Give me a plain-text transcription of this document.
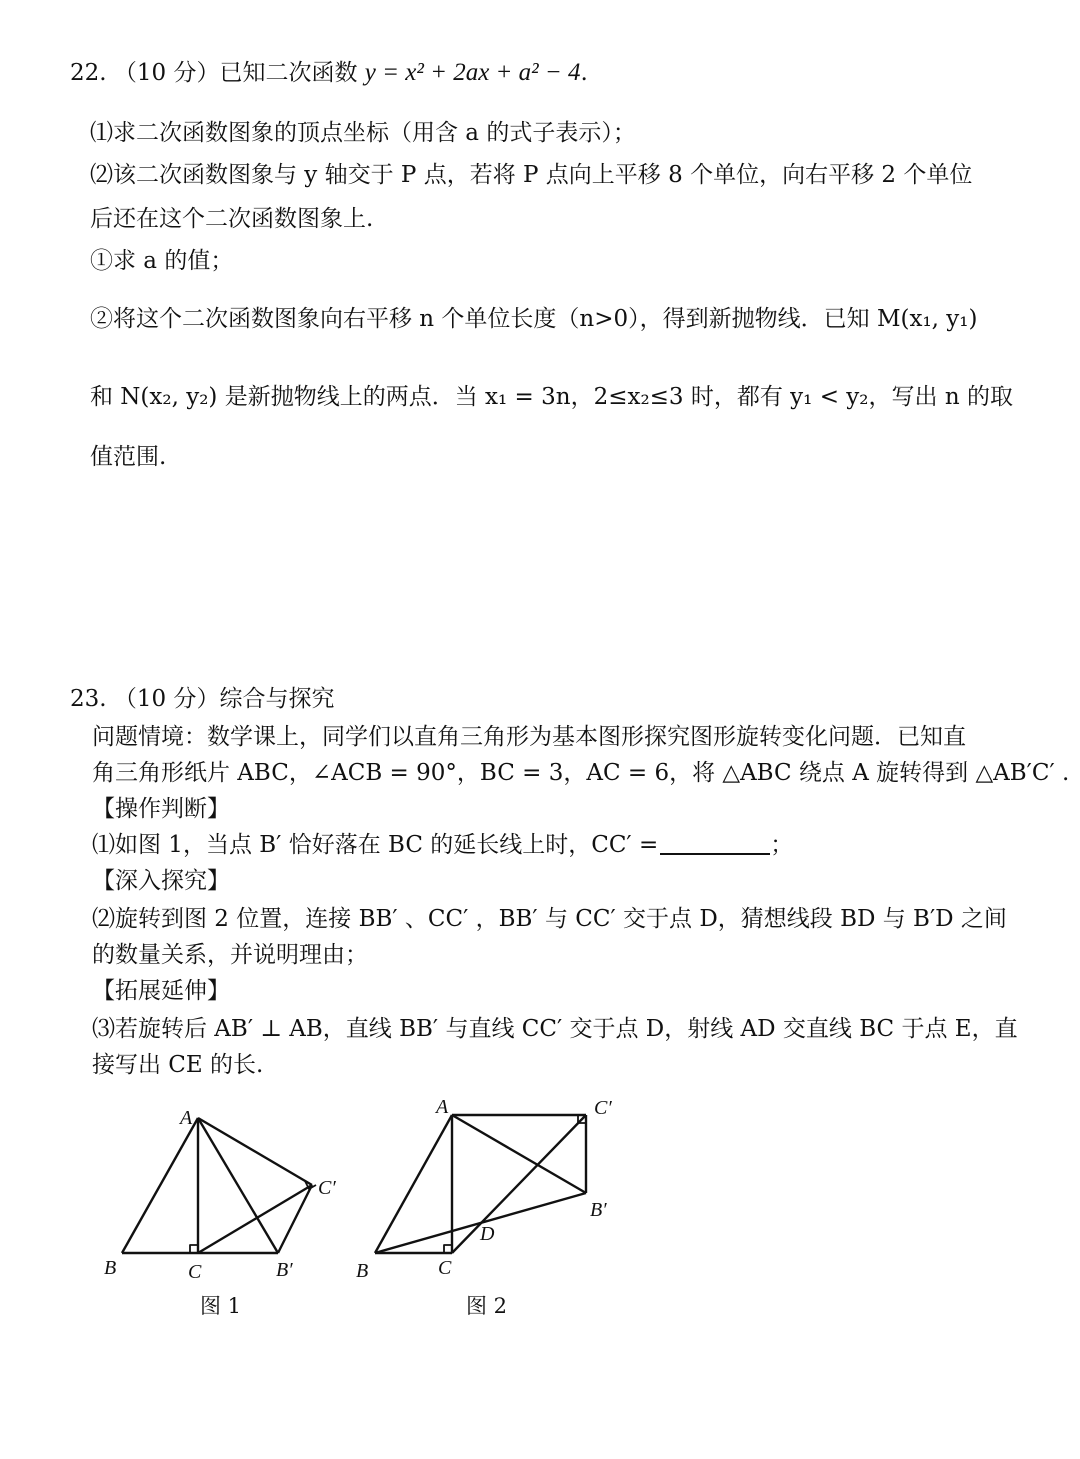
22. （10 分）已知二次函数 y = x² + 2ax + a² − 4.
⑴求二次函数图象的顶点坐标（用含 a 的式子表示）；
⑵该二次函数图象与 y 轴交于 P 点，若将 P 点向上平移 8 个单位，向右平移 2 个单位
后还在这个二次函数图象上.
①求 a 的值；
②将这个二次函数图象向右平移 n 个单位长度（n>0），得到新抛物线．已知 M(x₁, y₁)
和 N(x₂, y₂) 是新抛物线上的两点．当 x₁ = 3n，2≤x₂≤3 时，都有 y₁ < y₂，写出 n 的取
值范围.
23. （10 分）综合与探究
问题情境：数学课上，同学们以直角三角形为基本图形探究图形旋转变化问题．已知直
角三角形纸片 ABC，∠ACB = 90°，BC = 3，AC = 6，将 △ABC 绕点 A 旋转得到 △AB′C′ .
【操作判断】
⑴如图 1，当点 B′ 恰好落在 BC 的延长线上时，CC′ =	；
【深入探究】
⑵旋转到图 2 位置，连接 BB′ 、CC′ ，BB′ 与 CC′ 交于点 D，猜想线段 BD 与 B′D 之间
的数量关系，并说明理由；
【拓展延伸】
⑶若旋转后 AB′ ⊥ AB，直线 BB′ 与直线 CC′ 交于点 D，射线 AD 交直线 BC 于点 E，直
接写出 CE 的长.
A
B	C	B′
C′
A
B	C
B′
C′
D
图 1	图 2
